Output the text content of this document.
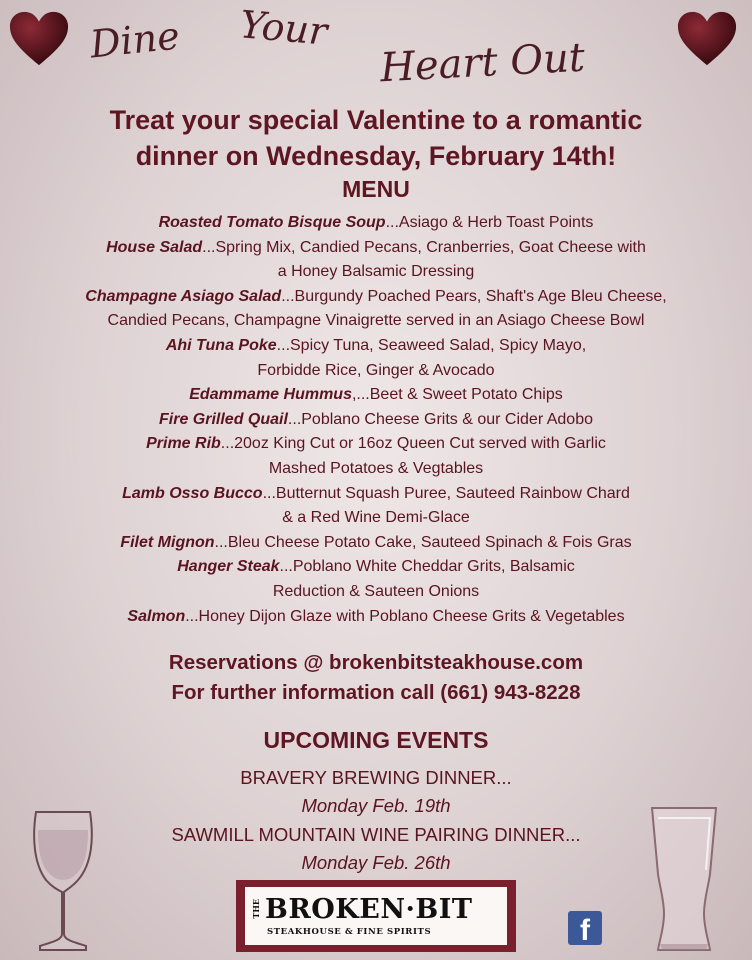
Dine Your
Heart Out
Treat your special Valentine to a romantic
dinner on Wednesday, February 14th!
MENU
Roasted Tomato Bisque Soup...Asiago & Herb Toast Points
House Salad...Spring Mix, Candied Pecans, Cranberries, Goat Cheese with
a Honey Balsamic Dressing
Champagne Asiago Salad...Burgundy Poached Pears, Shaft's Age Bleu Cheese,
Candied Pecans, Champagne Vinaigrette served in an Asiago Cheese Bowl
Ahi Tuna Poke...Spicy Tuna, Seaweed Salad, Spicy Mayo,
Forbidde Rice, Ginger & Avocado
Edammame Hummus,...Beet & Sweet Potato Chips
Fire Grilled Quail...Poblano Cheese Grits & our Cider Adobo
Prime Rib...20oz King Cut or 16oz Queen Cut served with Garlic
Mashed Potatoes & Vegtables
Lamb Osso Bucco...Butternut Squash Puree, Sauteed Rainbow Chard
& a Red Wine Demi-Glace
Filet Mignon...Bleu Cheese Potato Cake, Sauteed Spinach & Fois Gras
Hanger Steak...Poblano White Cheddar Grits, Balsamic
Reduction & Sauteen Onions
Salmon...Honey Dijon Glaze with Poblano Cheese Grits & Vegetables
Reservations @ brokenbitsteakhouse.com
For further information call (661) 943-8228
UPCOMING EVENTS
BRAVERY BREWING DINNER...
Monday Feb. 19th
SAWMILL MOUNTAIN WINE PAIRING DINNER...
Monday Feb. 26th
THE BROKEN·BIT
STEAKHOUSE & FINE SPIRITS	f
